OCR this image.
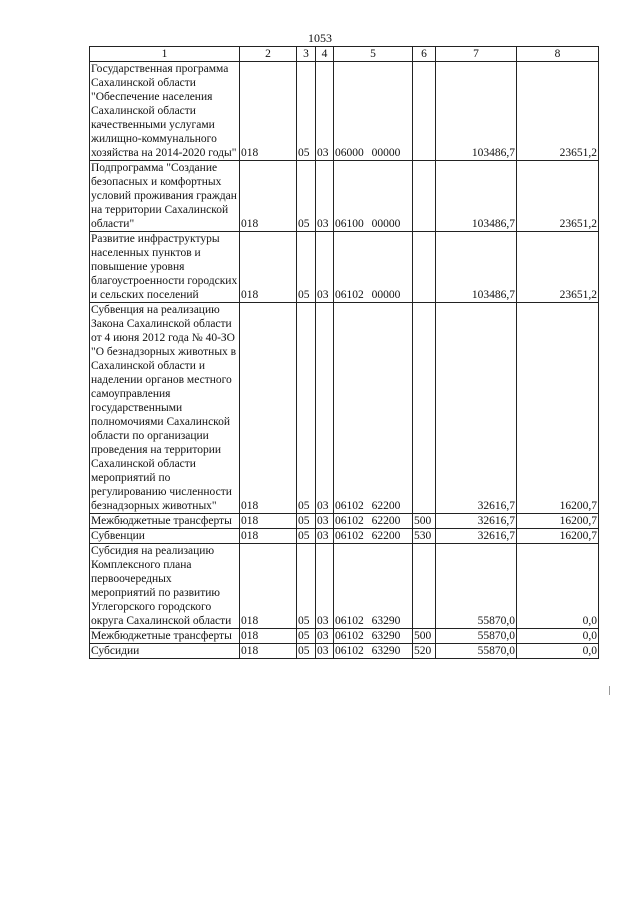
1053
1	2	3	4	5	6	7	8
Государственная программа Сахалинской области "Обеспечение населения Сахалинской области качественными услугами жилищно-коммунального хозяйства на 2014-2020 годы"	018	05	03	06000 00000		103486,7	23651,2
Подпрограмма "Создание безопасных и комфортных условий проживания граждан на территории Сахалинской области"	018	05	03	06100 00000		103486,7	23651,2
Развитие инфраструктуры населенных пунктов и повышение уровня благоустроенности городских и сельских поселений	018	05	03	06102 00000		103486,7	23651,2
Субвенция на реализацию Закона Сахалинской области от 4 июня 2012 года № 40-ЗО "О безнадзорных животных в Сахалинской области и наделении органов местного самоуправления государственными полномочиями Сахалинской области по организации проведения на территории Сахалинской области мероприятий по регулированию численности безнадзорных животных"	018	05	03	06102 62200		32616,7	16200,7
Межбюджетные трансферты	018	05	03	06102 62200	500	32616,7	16200,7
Субвенции	018	05	03	06102 62200	530	32616,7	16200,7
Субсидия на реализацию Комплексного плана первоочередных мероприятий по развитию Углегорского городского округа Сахалинской области	018	05	03	06102 63290		55870,0	0,0
Межбюджетные трансферты	018	05	03	06102 63290	500	55870,0	0,0
Субсидии	018	05	03	06102 63290	520	55870,0	0,0
